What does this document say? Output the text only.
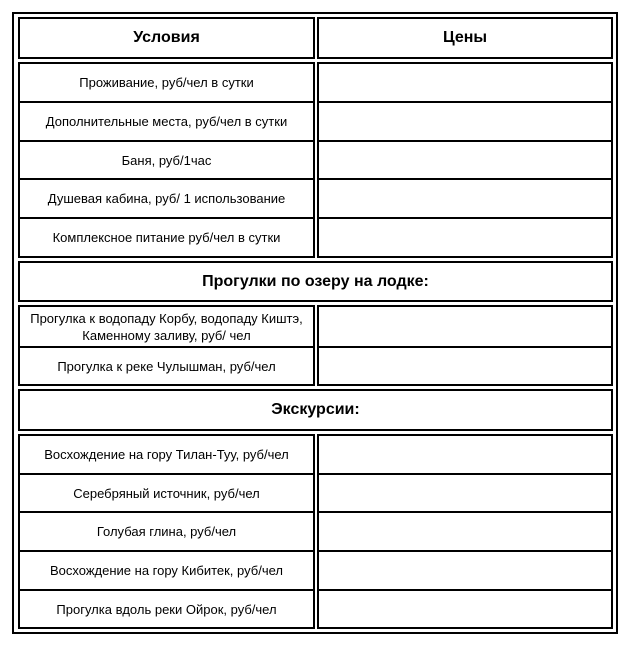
Условия	Цены
Проживание, руб/чел в сутки
Дополнительные места, руб/чел в сутки
Баня, руб/1час
Душевая кабина, руб/ 1 использование
Комплексное питание руб/чел в сутки
Прогулки по озеру на лодке:
Прогулка к водопаду Корбу, водопаду Киштэ, Каменному заливу, руб/ чел
Прогулка к реке Чулышман, руб/чел
Экскурсии:
Восхождение на гору Тилан-Туу, руб/чел
Серебряный источник, руб/чел
Голубая глина, руб/чел
Восхождение на гору Кибитек, руб/чел
Прогулка вдоль реки Ойрок, руб/чел
